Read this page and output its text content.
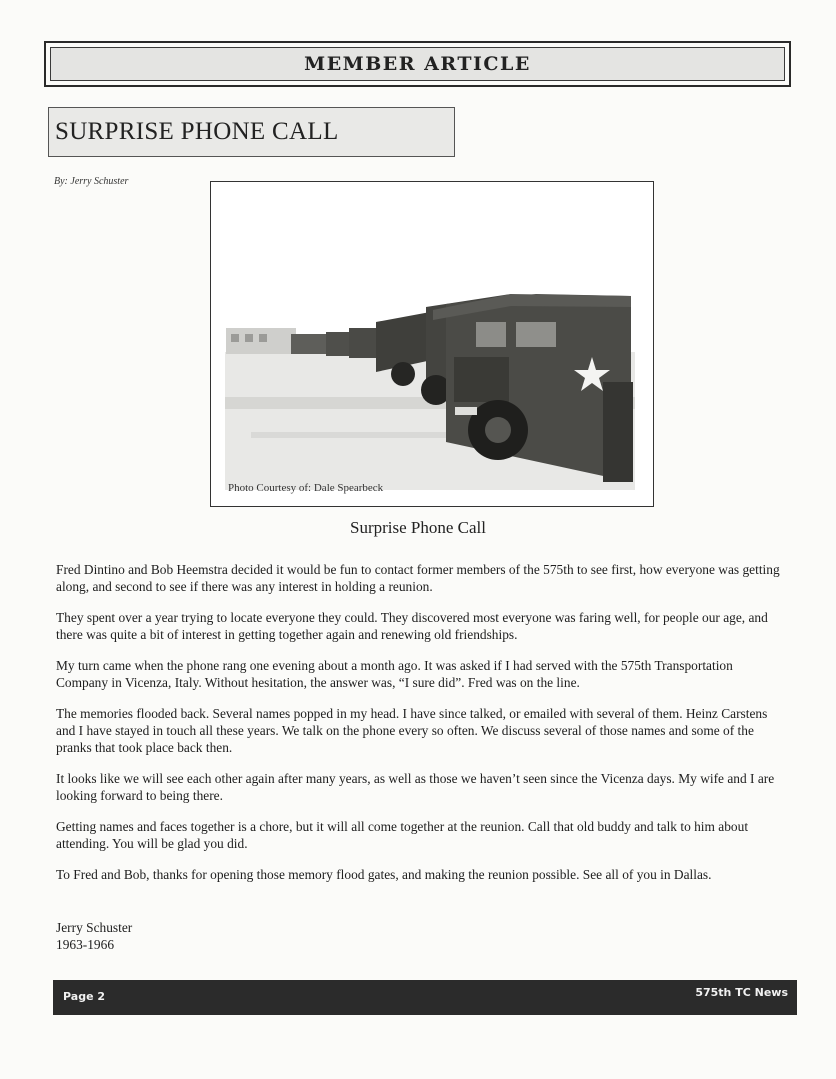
MEMBER ARTICLE
SURPRISE PHONE CALL
By: Jerry Schuster
Photo Courtesy of: Dale Spearbeck
Surprise Phone Call

Fred Dintino and Bob Heemstra decided it would be fun to contact former members of the 575th to see first, how everyone was getting along, and second to see if there was any interest in holding a reunion.

They spent over a year trying to locate everyone they could. They discovered most everyone was faring well, for people our age, and there was quite a bit of interest in getting together again and renewing old friendships.

My turn came when the phone rang one evening about a month ago. It was asked if I had served with the 575th Transportation Company in Vicenza, Italy. Without hesitation, the answer was, “I sure did”. Fred was on the line.

The memories flooded back. Several names popped in my head. I have since talked, or emailed with several of them. Heinz Carstens and I have stayed in touch all these years. We talk on the phone every so often. We discuss several of those names and some of the pranks that took place back then.

It looks like we will see each other again after many years, as well as those we haven’t seen since the Vicenza days. My wife and I are looking forward to being there.

Getting names and faces together is a chore, but it will all come together at the reunion. Call that old buddy and talk to him about attending. You will be glad you did.

To Fred and Bob, thanks for opening those memory flood gates, and making the reunion possible. See all of you in Dallas.

Jerry Schuster
1963-1966
Page 2	575th TC News
